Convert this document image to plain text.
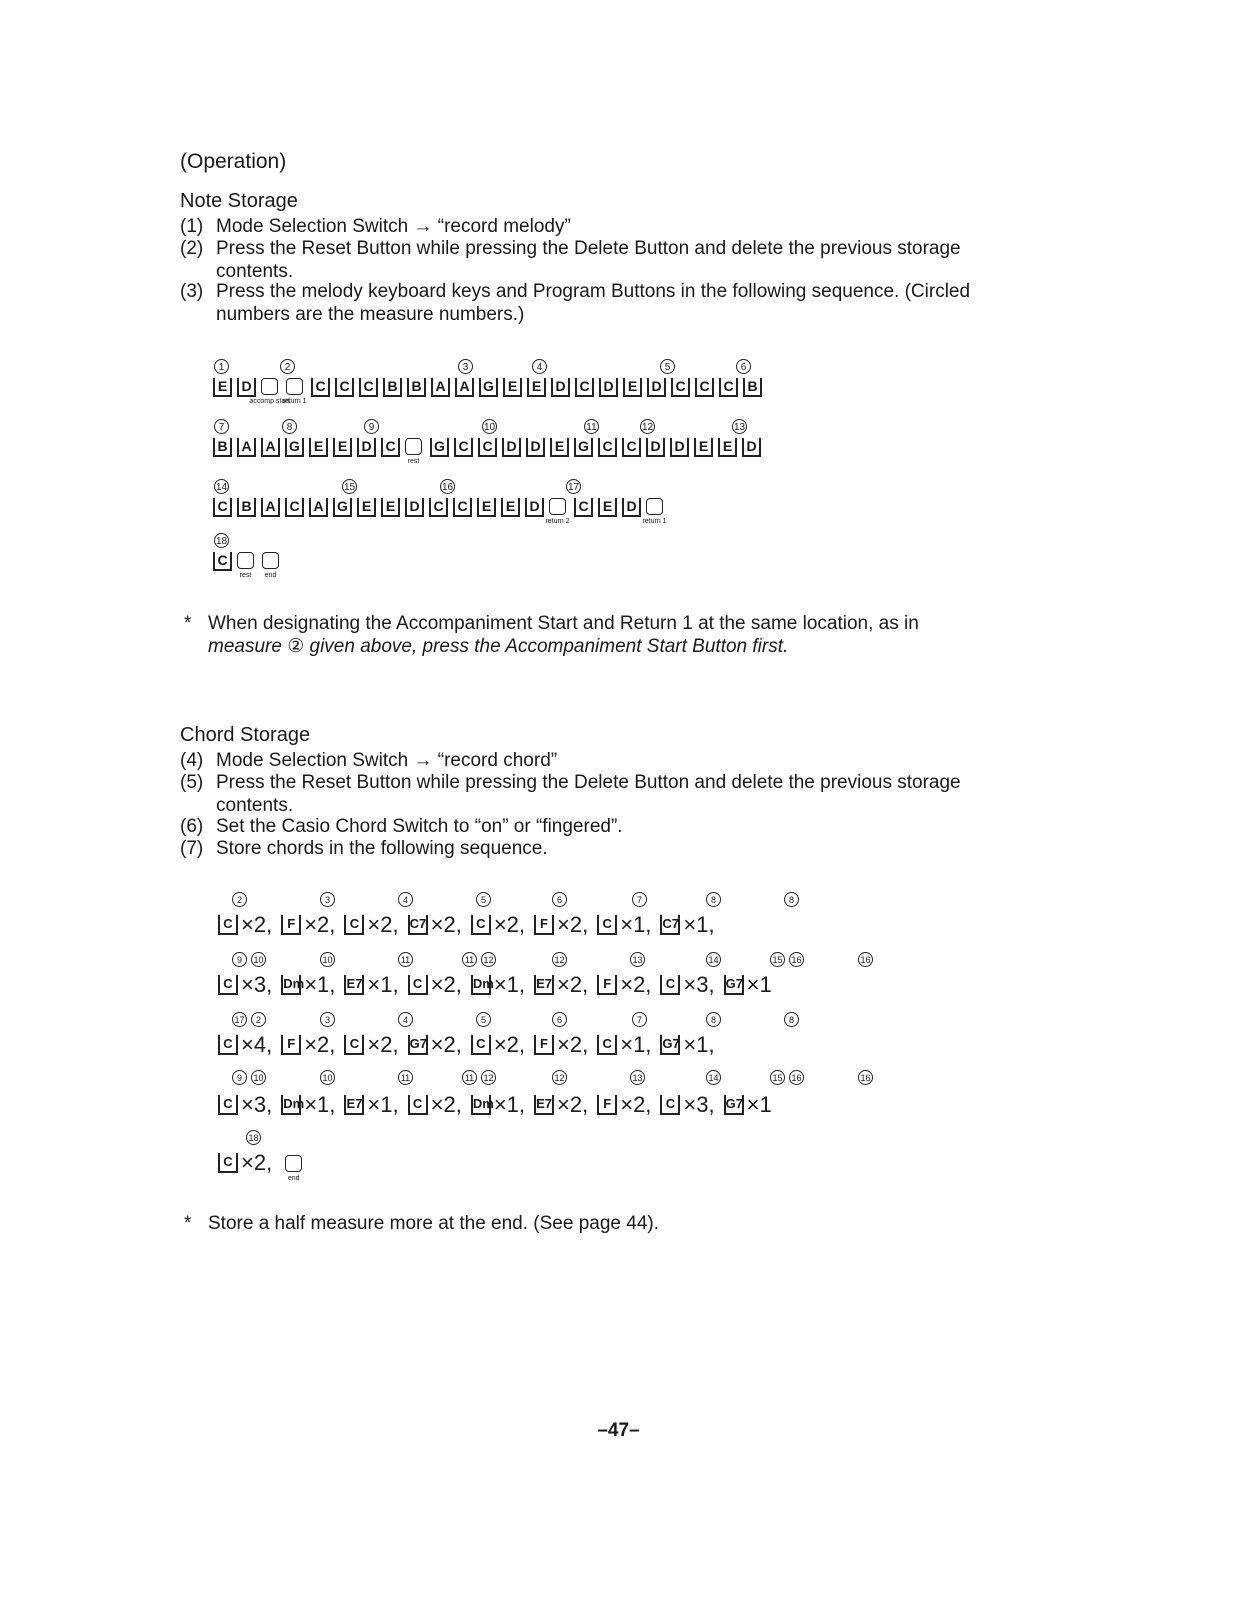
(Operation)
Note Storage
(1) Mode Selection Switch → “record melody”
(2) Press the Reset Button while pressing the Delete Button and delete the previous storage
contents.
(3) Press the melody keyboard keys and Program Buttons in the following sequence. (Circled
numbers are the measure numbers.)
1	2	3	4	5	6
E	D
accomp start
return 1
C C C B B A A G E	E	D C D	E	D C C C B
7	8	9	10	11	12	13
B A A G E	E	D C
rest
G C C D D	E G C C D D	E	E	D
14	15	16	17
C B A C A G E	E	D C C	E	E	D
return 2
C	E	D
return 1
18
C
rest end
* When designating the Accompaniment Start and Return 1 at the same location, as in
measure ② given above, press the Accompaniment Start Button first.
Chord Storage
(4) Mode Selection Switch → “record chord”
(5) Press the Reset Button while pressing the Delete Button and delete the previous storage
contents.
(6) Set the Casio Chord Switch to “on” or “fingered”.
(7) Store chords in the following sequence.
2	3	4	5	6	7	8	8
C ×2,	F ×2,	C ×2, C7 ×2,	C ×2,	F ×2,	C ×1, C7 ×1,
9	10	10	11	11	12	12	13	14	15 16	16
C ×3, Dm ×1, E7 ×1,	C ×2, Dm ×1, E7 ×2,	F ×2,	C ×3, G7 ×1
17	2	3	4	5	6	7	8	8
C ×4,	F ×2,	C ×2, G7 ×2,	C ×2,	F ×2,	C ×1, G7 ×1,
9	10	10	11	11	12	12	13	14	15 16	16
C ×3, Dm ×1, E7 ×1,	C ×2, Dm ×1, E7 ×2,	F ×2,	C ×3, G7 ×1
18
C ×2,
end
* Store a half measure more at the end. (See page 44).
–47–
